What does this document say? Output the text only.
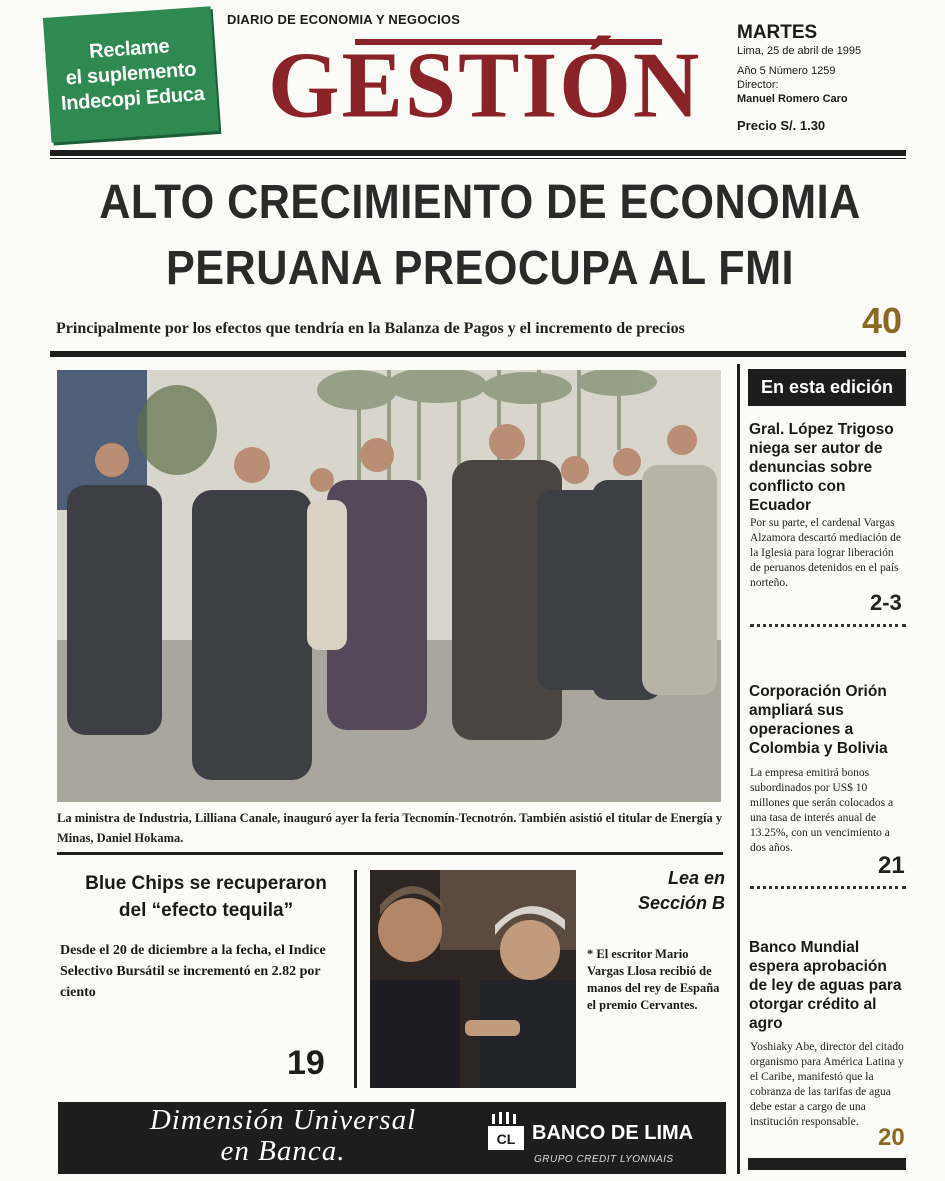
Reclame
el suplemento
Indecopi Educa
DIARIO DE ECONOMIA Y NEGOCIOS
GESTIÓN
MARTES
Lima, 25 de abril de 1995
Año 5 Número 1259
Director:
Manuel Romero Caro
Precio S/. 1.30
ALTO CRECIMIENTO DE ECONOMIA
PERUANA PREOCUPA AL FMI
Principalmente por los efectos que tendría en la Balanza de Pagos y el incremento de precios	40
La ministra de Industria, Lilliana Canale, inauguró ayer la feria Tecnomín-Tecnotrón. También asistió el titular de Energía y Minas, Daniel Hokama.
Blue Chips se recuperaron
del “efecto tequila”
Desde el 20 de diciembre a la fecha, el Indice Selectivo Bursátil se incrementó en 2.82 por ciento
19
Lea en
Sección B
* El escritor Mario Vargas Llosa recibió de manos del rey de España el premio Cervantes.
Dimensión Universal
en Banca.	CL BANCO DE LIMA
GRUPO CREDIT LYONNAIS
En esta edición
Gral. López Trigoso niega ser autor de denuncias sobre conflicto con Ecuador
Por su parte, el cardenal Vargas Alzamora descartó mediación de la Iglesia para lograr liberación de peruanos detenidos en el país norteño.
2-3
Corporación Orión ampliará sus operaciones a Colombia y Bolivia
La empresa emitirá bonos subordinados por US$ 10 millones que serán colocados a una tasa de interés anual de 13.25%, con un vencimiento a dos años.
21
Banco Mundial espera aprobación de ley de aguas para otorgar crédito al agro
Yoshiaky Abe, director del citado organismo para América Latina y el Caribe, manifestó que la cobranza de las tarifas de agua debe estar a cargo de una institución responsable.
20
